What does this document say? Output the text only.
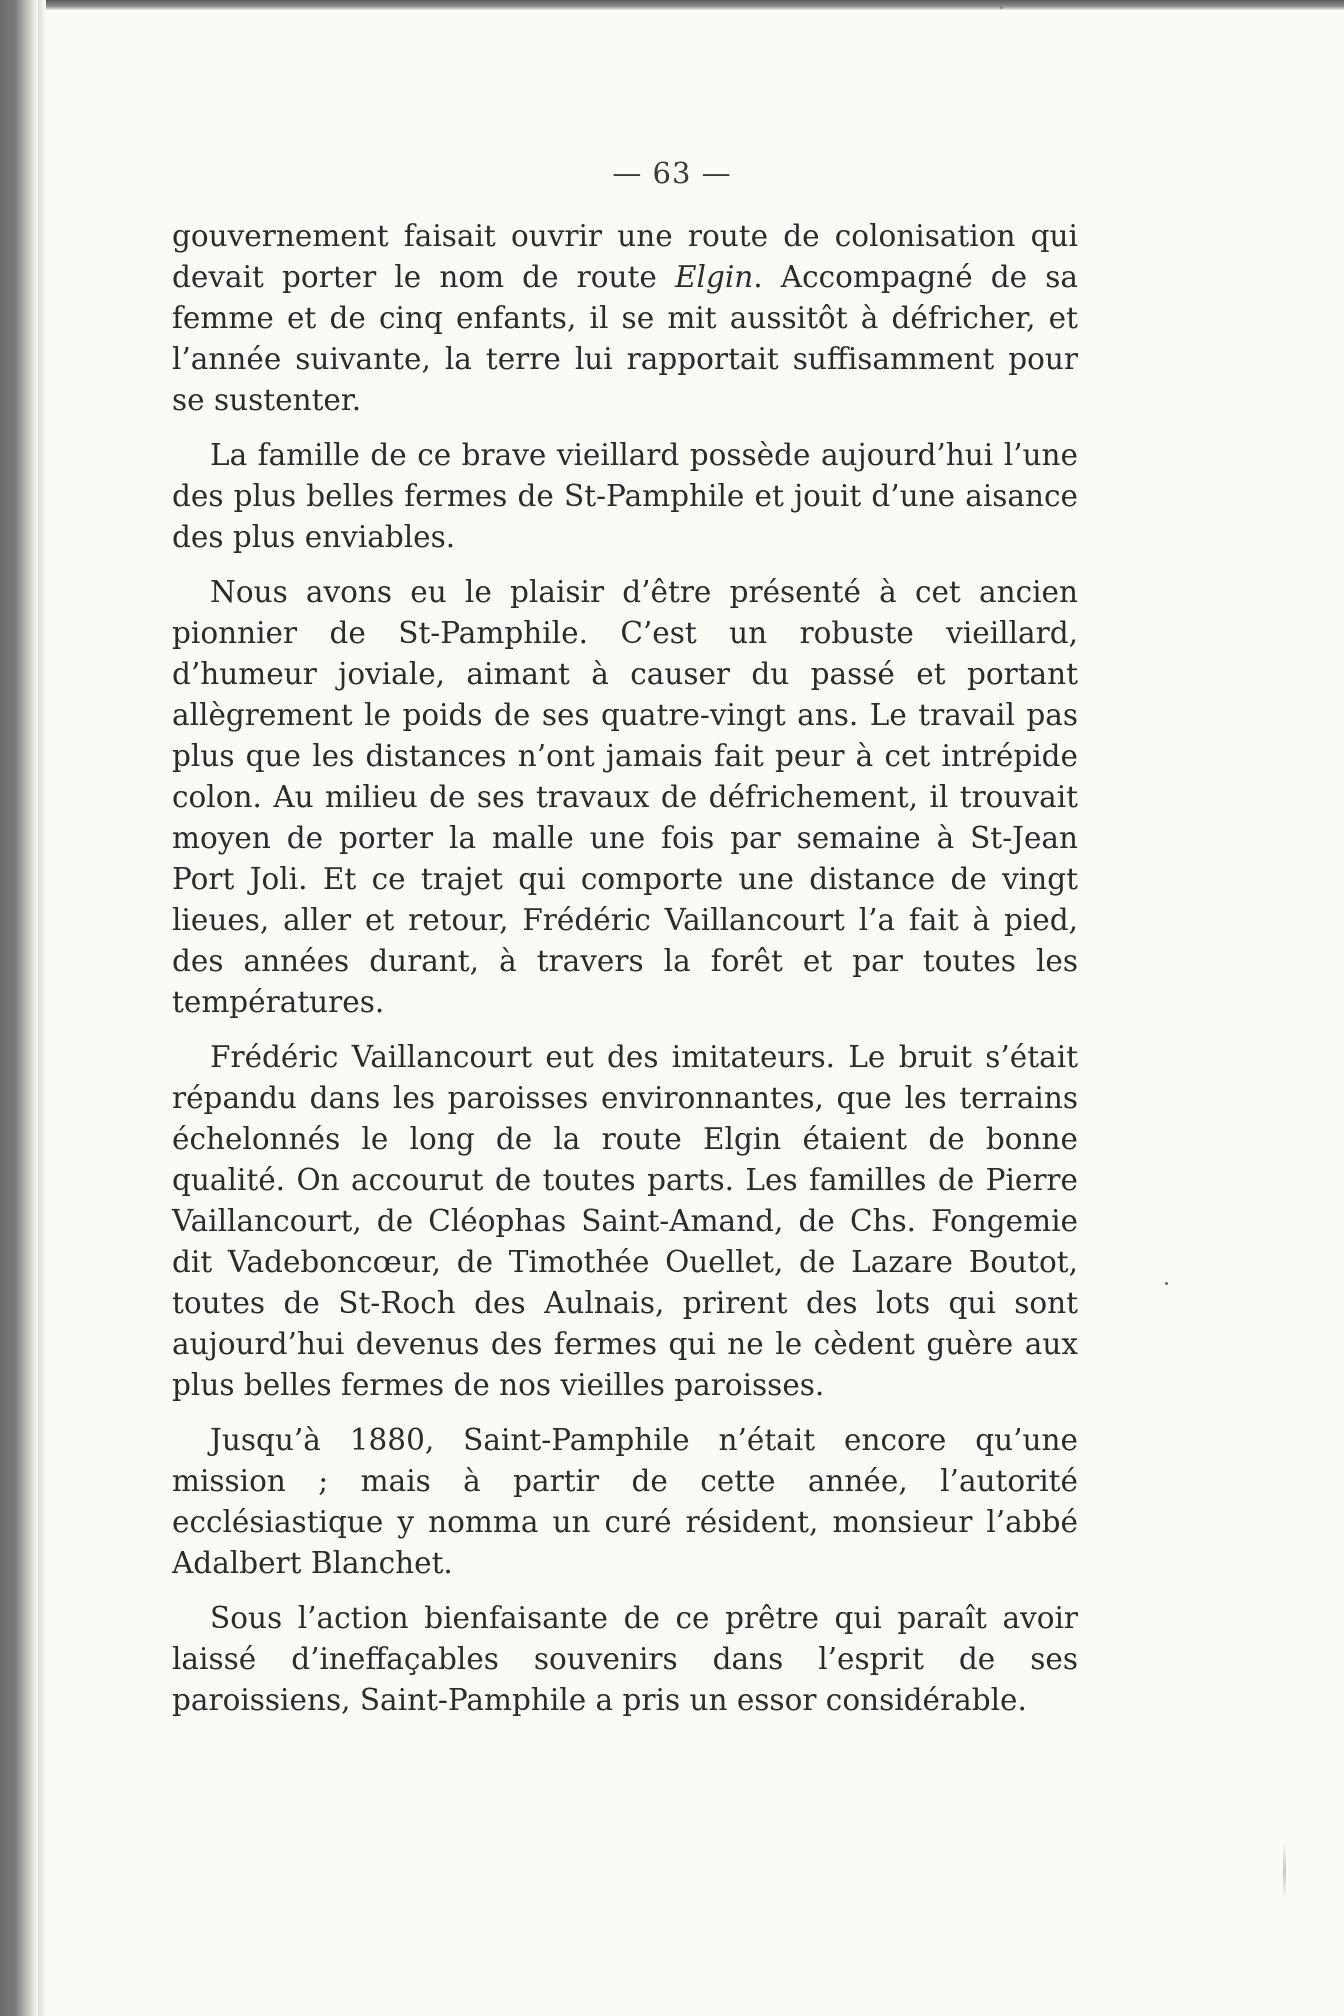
— 63 —

gouvernement faisait ouvrir une route de colonisation qui devait porter le nom de route Elgin. Accompagné de sa femme et de cinq enfants, il se mit aussitôt à défricher, et l’année suivante, la terre lui rapportait suffisamment pour se sustenter.

La famille de ce brave vieillard possède aujourd’hui l’une des plus belles fermes de St-Pamphile et jouit d’une aisance des plus enviables.

Nous avons eu le plaisir d’être présenté à cet ancien pionnier de St-Pamphile. C’est un robuste vieillard, d’humeur joviale, aimant à causer du passé et portant allègrement le poids de ses quatre-vingt ans. Le travail pas plus que les distances n’ont jamais fait peur à cet intrépide colon. Au milieu de ses travaux de défrichement, il trouvait moyen de porter la malle une fois par semaine à St-Jean Port Joli. Et ce trajet qui comporte une distance de vingt lieues, aller et retour, Frédéric Vaillancourt l’a fait à pied, des années durant, à travers la forêt et par toutes les températures.

Frédéric Vaillancourt eut des imitateurs. Le bruit s’était répandu dans les paroisses environnantes, que les terrains échelonnés le long de la route Elgin étaient de bonne qualité. On accourut de toutes parts. Les familles de Pierre Vaillancourt, de Cléophas Saint-Amand, de Chs. Fongemie dit Vadeboncœur, de Timothée Ouellet, de Lazare Boutot, toutes de St-Roch des Aulnais, prirent des lots qui sont aujourd’hui devenus des fermes qui ne le cèdent guère aux plus belles fermes de nos vieilles paroisses.

Jusqu’à 1880, Saint-Pamphile n’était encore qu’une mission ; mais à partir de cette année, l’autorité ecclésiastique y nomma un curé résident, monsieur l’abbé Adalbert Blanchet.

Sous l’action bienfaisante de ce prêtre qui paraît avoir laissé d’ineffaçables souvenirs dans l’esprit de ses paroissiens, Saint-Pamphile a pris un essor considérable.
